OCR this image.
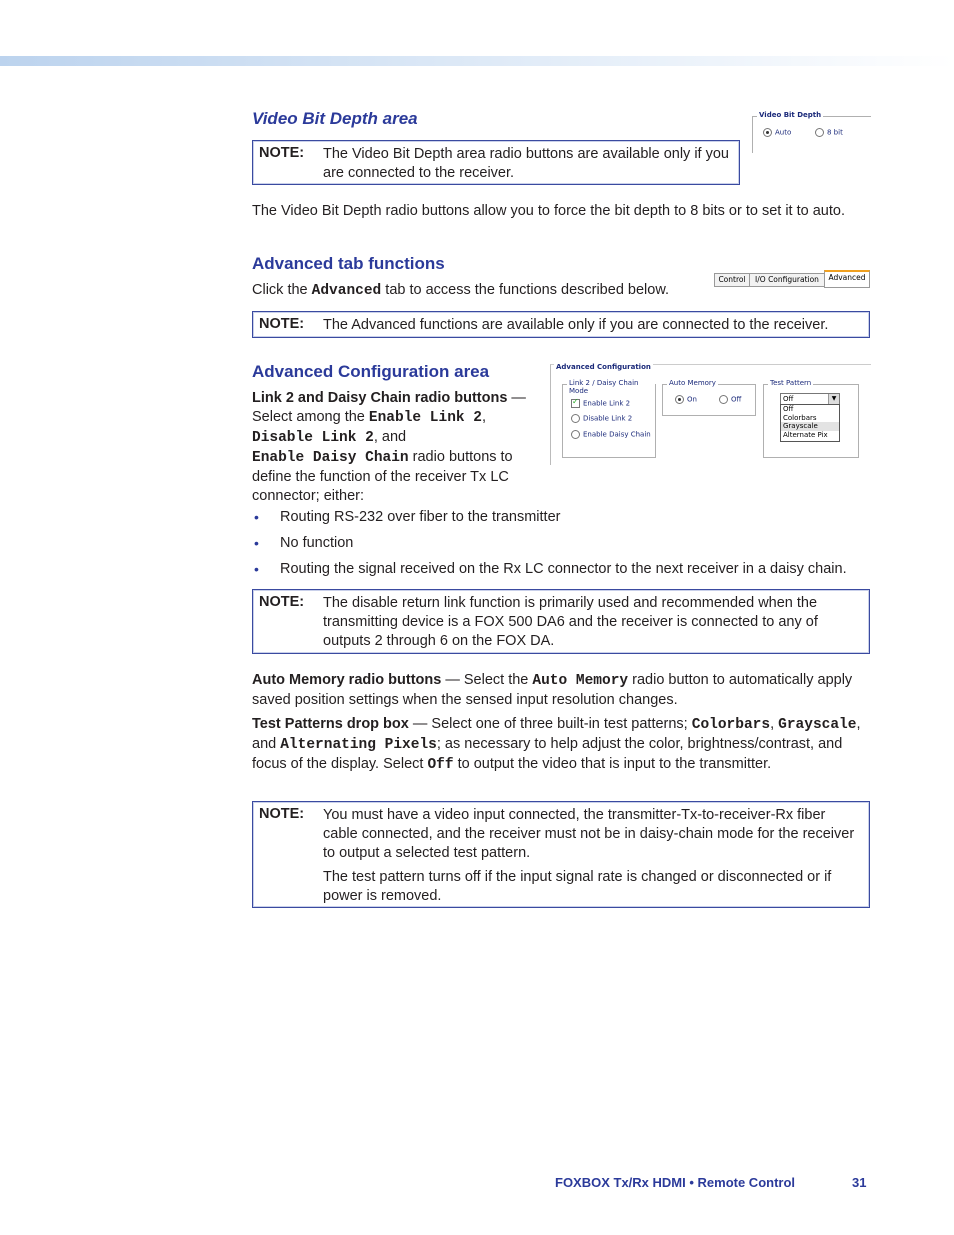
Video Bit Depth area	Video Bit Depth
Auto	8 bit
NOTE: The Video Bit Depth area radio buttons are available only if you are connected to the receiver.

The Video Bit Depth radio buttons allow you to force the bit depth to 8 bits or to set it to auto.

Advanced tab functions
Control	I/O Configuration	Advanced

Click the Advanced tab to access the functions described below.

NOTE: The Advanced functions are available only if you are connected to the receiver.
Advanced Configuration area	Advanced Configuration
Link 2 / Daisy Chain Mode
✓Enable Link 2
Disable Link 2
Enable Daisy Chain
Auto Memory
On	Off
Test Pattern
Off	▼
Off
Colorbars
Grayscale
Alternate Pix
Link 2 and Daisy Chain radio buttons —
Select among the Enable Link 2,
Disable Link 2, and
Enable Daisy Chain radio buttons to
define the function of the receiver Tx LC
connector; either:
• Routing RS-232 over fiber to the transmitter
• No function
• Routing the signal received on the Rx LC connector to the next receiver in a daisy chain.
NOTE: The disable return link function is primarily used and recommended when the transmitting device is a FOX 500 DA6 and the receiver is connected to any of outputs 2 through 6 on the FOX DA.

Auto Memory radio buttons — Select the Auto Memory radio button to automatically apply saved position settings when the sensed input resolution changes.

Test Patterns drop box — Select one of three built-in test patterns; Colorbars, Grayscale, and Alternating Pixels; as necessary to help adjust the color, brightness/contrast, and focus of the display. Select Off to output the video that is input to the transmitter.

NOTE: You must have a video input connected, the transmitter-Tx-to-receiver-Rx fiber cable connected, and the receiver must not be in daisy-chain mode for the receiver to output a selected test pattern.
The test pattern turns off if the input signal rate is changed or disconnected or if power is removed.
FOXBOX Tx/Rx HDMI • Remote Control	31
